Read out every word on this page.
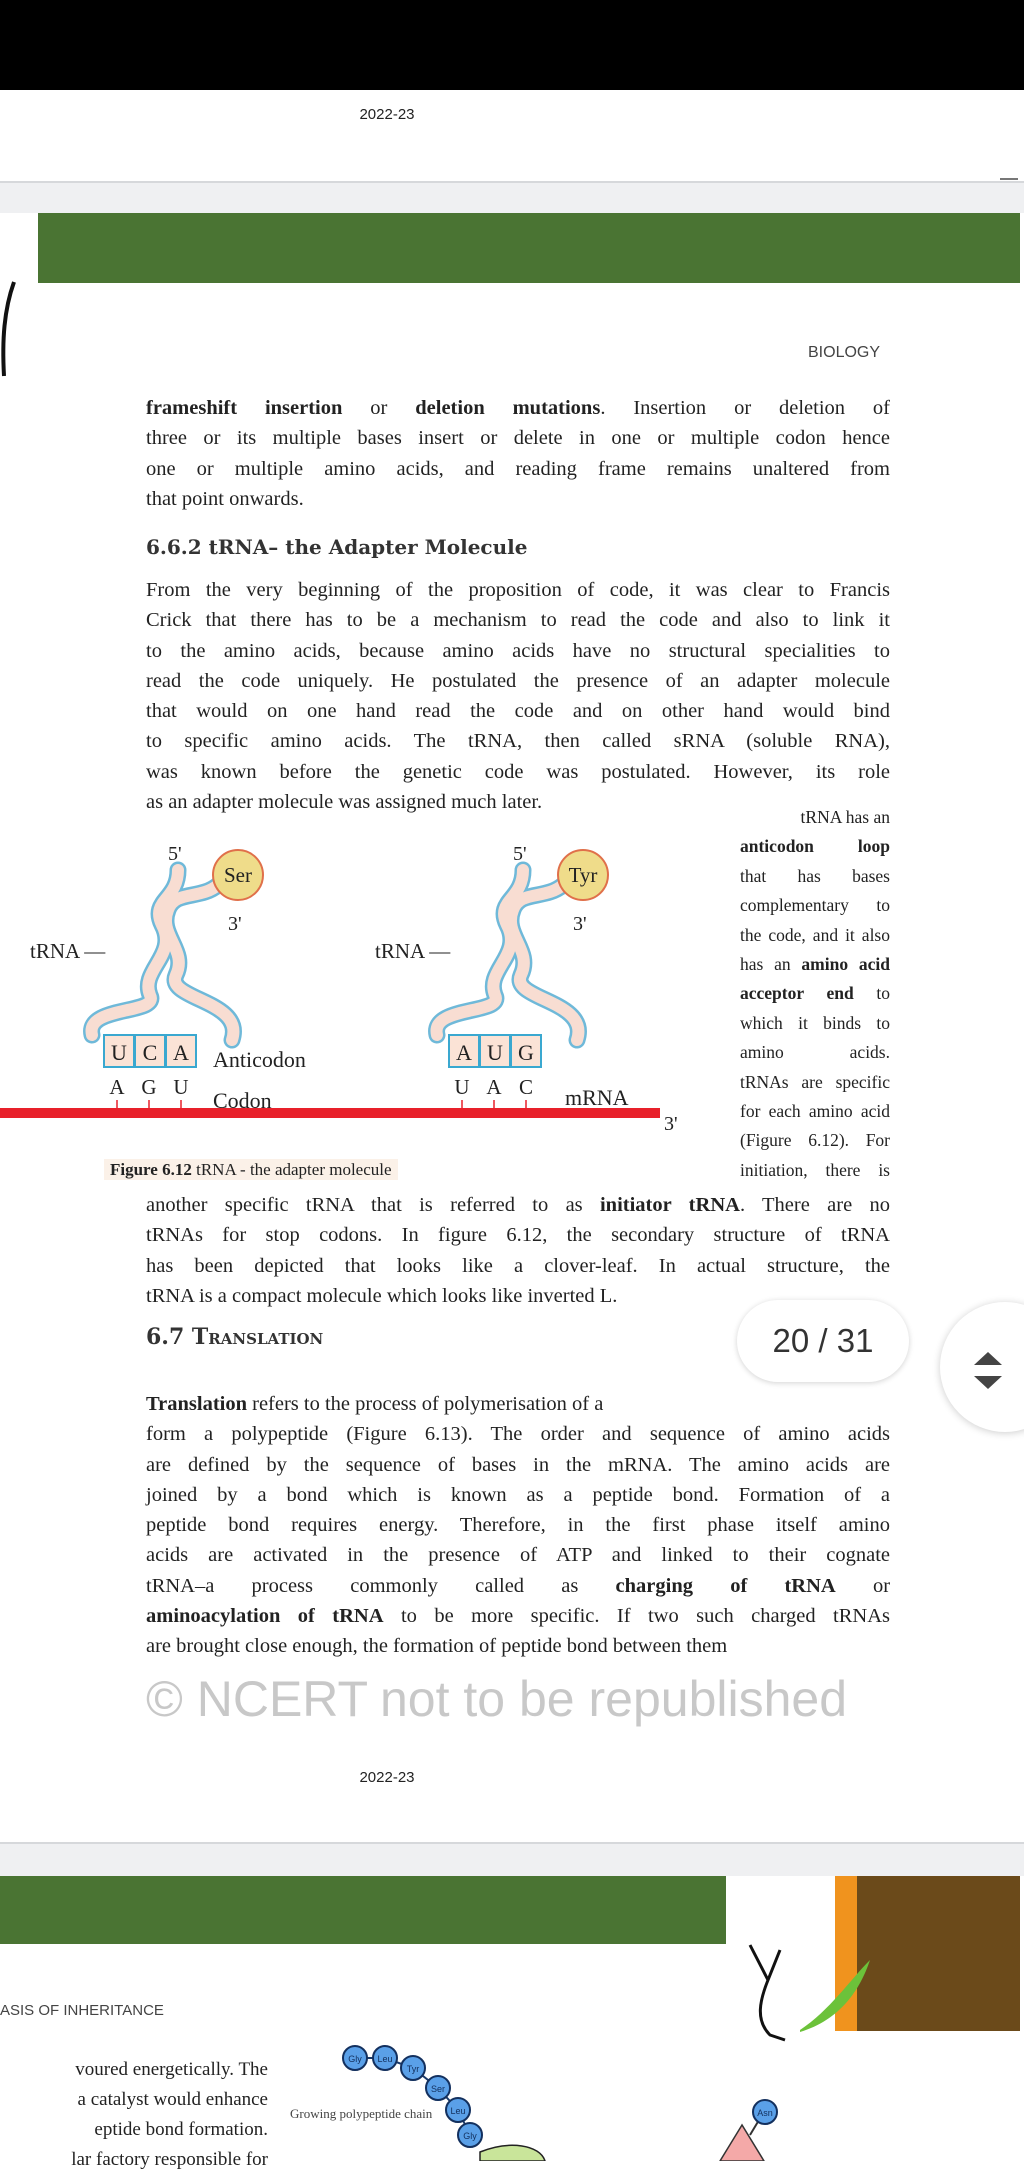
2022-23
BIOLOGY
frameshift insertion or deletion mutations. Insertion or deletion of
three or its multiple bases insert or delete in one or multiple codon hence
one or multiple amino acids, and reading frame remains unaltered from
that point onwards.
6.6.2 tRNA– the Adapter Molecule
From the very beginning of the proposition of code, it was clear to Francis
Crick that there has to be a mechanism to read the code and also to link it
to the amino acids, because amino acids have no structural specialities to
read the code uniquely. He postulated the presence of an adapter molecule
that would on one hand read the code and on other hand would bind
to specific amino acids. The tRNA, then called sRNA (soluble RNA),
was known before the genetic code was postulated. However, its role
as an adapter molecule was assigned much later.
mRNA
3'
Ser
5'
3'
tRNA —
U C A
A G U
Anticodon
Codon
Tyr
5'
3'
tRNA —
A U G
U A C
Figure 6.12 tRNA - the adapter molecule
tRNA has an
anticodon loop
that has bases
complementary to
the code, and it also
has an amino acid
acceptor end to
which it binds to
amino acids.
tRNAs are specific
for each amino acid
(Figure 6.12). For
initiation, there is
another specific tRNA that is referred to as initiator tRNA. There are no
tRNAs for stop codons. In figure 6.12, the secondary structure of tRNA
has been depicted that looks like a clover-leaf. In actual structure, the
tRNA is a compact molecule which looks like inverted L.
6.7 Translation
Translation refers to the process of polymerisation of a
form a polypeptide (Figure 6.13). The order and sequence of amino acids
are defined by the sequence of bases in the mRNA. The amino acids are
joined by a bond which is known as a peptide bond. Formation of a
peptide bond requires energy. Therefore, in the first phase itself amino
acids are activated in the presence of ATP and linked to their cognate
tRNA–a process commonly called as charging of tRNA or
aminoacylation of tRNA to be more specific. If two such charged tRNAs
are brought close enough, the formation of peptide bond between them
© NCERT not to be republished
2022-23
20 / 31
ASIS OF INHERITANCE
voured energetically. The
a catalyst would enhance
eptide bond formation.
lar factory responsible for
Gly Leu
Tyr
Ser
Leu
Gly
Growing polypeptide chain	Asn
